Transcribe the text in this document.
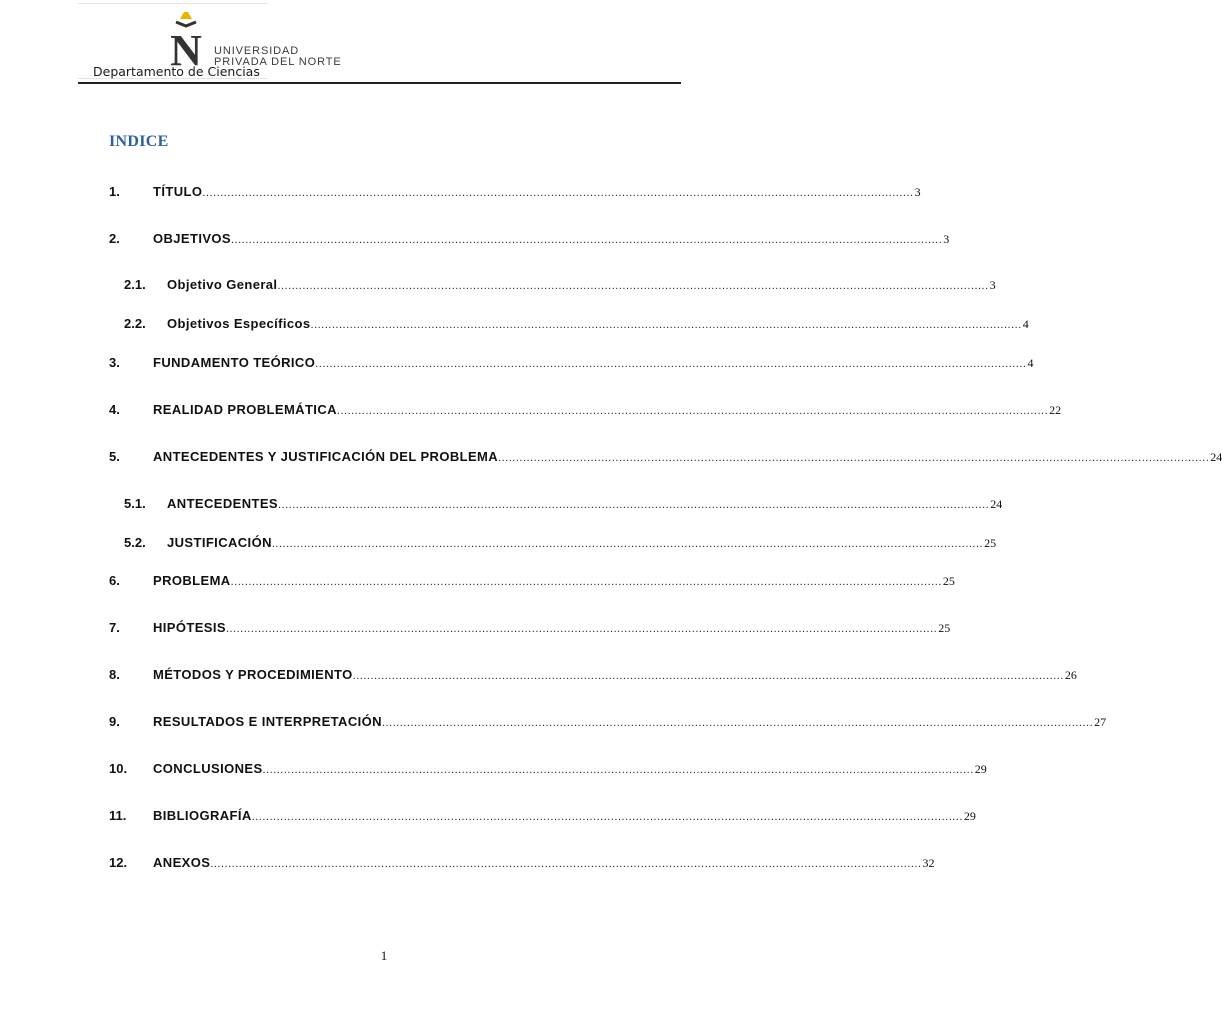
N UNIVERSIDAD
PRIVADA DEL NORTE
Departamento de Ciencias
INDICE
1.	TÍTULO ........................................................................................................................................................................................................ 3
2.	OBJETIVOS ........................................................................................................................................................................................................ 3
2.1.	Objetivo General ........................................................................................................................................................................................................ 3
2.2.	Objetivos Específicos ........................................................................................................................................................................................................ 4
3.	FUNDAMENTO TEÓRICO ........................................................................................................................................................................................................ 4
4.	REALIDAD PROBLEMÁTICA ........................................................................................................................................................................................................ 22
5.	ANTECEDENTES Y JUSTIFICACIÓN DEL PROBLEMA ........................................................................................................................................................................................................ 24
5.1.	ANTECEDENTES ........................................................................................................................................................................................................ 24
5.2.	JUSTIFICACIÓN ........................................................................................................................................................................................................ 25
6.	PROBLEMA ........................................................................................................................................................................................................ 25
7.	HIPÓTESIS ........................................................................................................................................................................................................ 25
8.	MÉTODOS Y PROCEDIMIENTO ........................................................................................................................................................................................................ 26
9.	RESULTADOS E INTERPRETACIÓN ........................................................................................................................................................................................................ 27
10.	CONCLUSIONES ........................................................................................................................................................................................................ 29
11.	BIBLIOGRAFÍA ........................................................................................................................................................................................................ 29
12.	ANEXOS ........................................................................................................................................................................................................ 32
1
